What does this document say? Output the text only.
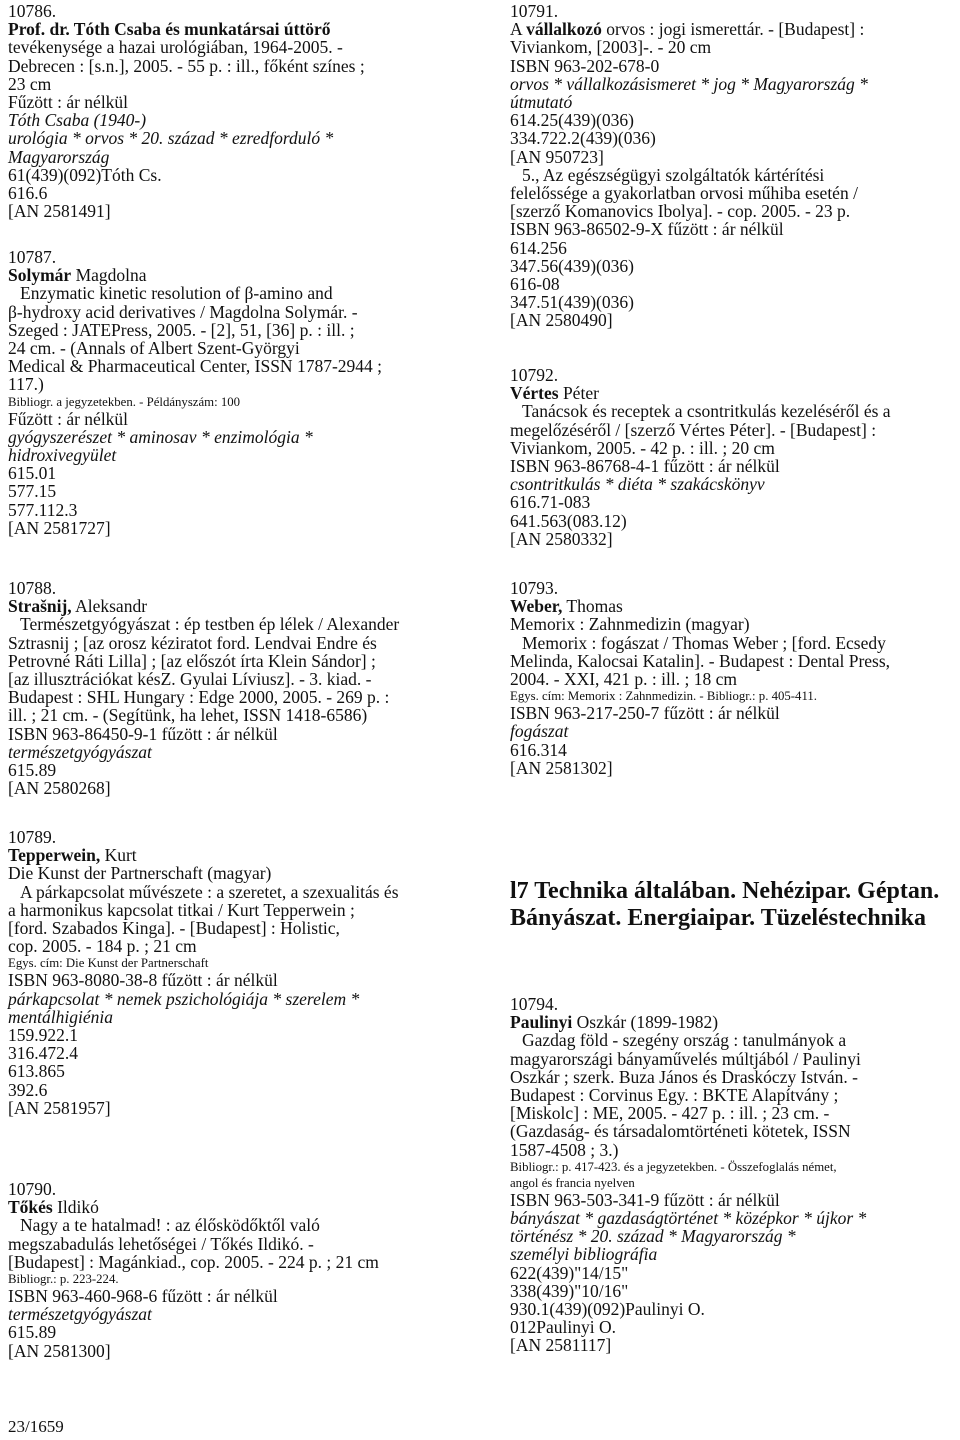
10786.
Prof. dr. Tóth Csaba és munkatársai úttörő
tevékenysége a hazai urológiában, 1964-2005. -
Debrecen : [s.n.], 2005. - 55 p. : ill., főként színes ;
23 cm
Fűzött : ár nélkül
Tóth Csaba (1940-)
urológia * orvos * 20. század * ezredforduló *
Magyarország
61(439)(092)Tóth Cs.
616.6
[AN 2581491]
10787.
Solymár Magdolna
Enzymatic kinetic resolution of β-amino and
β-hydroxy acid derivatives / Magdolna Solymár. -
Szeged : JATEPress, 2005. - [2], 51, [36] p. : ill. ;
24 cm. - (Annals of Albert Szent-Györgyi
Medical & Pharmaceutical Center, ISSN 1787-2944 ;
117.)
Bibliogr. a jegyzetekben. - Példányszám: 100
Fűzött : ár nélkül
gyógyszerészet * aminosav * enzimológia *
hidroxivegyület
615.01
577.15
577.112.3
[AN 2581727]
10788.
Strašnij, Aleksandr
Természetgyógyászat : ép testben ép lélek / Alexander
Sztrasnij ; [az orosz kéziratot ford. Lendvai Endre és
Petrovné Ráti Lilla] ; [az előszót írta Klein Sándor] ;
[az illusztrációkat késZ. Gyulai Líviusz]. - 3. kiad. -
Budapest : SHL Hungary : Edge 2000, 2005. - 269 p. :
ill. ; 21 cm. - (Segítünk, ha lehet, ISSN 1418-6586)
ISBN 963-86450-9-1 fűzött : ár nélkül
természetgyógyászat
615.89
[AN 2580268]
10789.
Tepperwein, Kurt
Die Kunst der Partnerschaft (magyar)
A párkapcsolat művészete : a szeretet, a szexualitás és
a harmonikus kapcsolat titkai / Kurt Tepperwein ;
[ford. Szabados Kinga]. - [Budapest] : Holistic,
cop. 2005. - 184 p. ; 21 cm
Egys. cím: Die Kunst der Partnerschaft
ISBN 963-8080-38-8 fűzött : ár nélkül
párkapcsolat * nemek pszichológiája * szerelem *
mentálhigiénia
159.922.1
316.472.4
613.865
392.6
[AN 2581957]
10790.
Tőkés Ildikó
Nagy a te hatalmad! : az élősködőktől való
megszabadulás lehetőségei / Tőkés Ildikó. -
[Budapest] : Magánkiad., cop. 2005. - 224 p. ; 21 cm
Bibliogr.: p. 223-224.
ISBN 963-460-968-6 fűzött : ár nélkül
természetgyógyászat
615.89
[AN 2581300]
10791.
A vállalkozó orvos : jogi ismerettár. - [Budapest] :
Viviankom, [2003]-. - 20 cm
ISBN 963-202-678-0
orvos * vállalkozásismeret * jog * Magyarország *
útmutató
614.25(439)(036)
334.722.2(439)(036)
[AN 950723]
5., Az egészségügyi szolgáltatók kártérítési
felelőssége a gyakorlatban orvosi műhiba esetén /
[szerző Komanovics Ibolya]. - cop. 2005. - 23 p.
ISBN 963-86502-9-X fűzött : ár nélkül
614.256
347.56(439)(036)
616-08
347.51(439)(036)
[AN 2580490]
10792.
Vértes Péter
Tanácsok és receptek a csontritkulás kezeléséről és a
megelőzéséről / [szerző Vértes Péter]. - [Budapest] :
Viviankom, 2005. - 42 p. : ill. ; 20 cm
ISBN 963-86768-4-1 fűzött : ár nélkül
csontritkulás * diéta * szakácskönyv
616.71-083
641.563(083.12)
[AN 2580332]
10793.
Weber, Thomas
Memorix : Zahnmedizin (magyar)
Memorix : fogászat / Thomas Weber ; [ford. Ecsedy
Melinda, Kalocsai Katalin]. - Budapest : Dental Press,
2004. - XXI, 421 p. : ill. ; 18 cm
Egys. cím: Memorix : Zahnmedizin. - Bibliogr.: p. 405-411.
ISBN 963-217-250-7 fűzött : ár nélkül
fogászat
616.314
[AN 2581302]
l7 Technika általában. Nehézipar. Géptan.
Bányászat. Energiaipar. Tüzeléstechnika
10794.
Paulinyi Oszkár (1899-1982)
Gazdag föld - szegény ország : tanulmányok a
magyarországi bányaművelés múltjából / Paulinyi
Oszkár ; szerk. Buza János és Draskóczy István. -
Budapest : Corvinus Egy. : BKTE Alapítvány ;
[Miskolc] : ME, 2005. - 427 p. : ill. ; 23 cm. -
(Gazdaság- és társadalomtörténeti kötetek, ISSN
1587-4508 ; 3.)
Bibliogr.: p. 417-423. és a jegyzetekben. - Összefoglalás német,
angol és francia nyelven
ISBN 963-503-341-9 fűzött : ár nélkül
bányászat * gazdaságtörténet * középkor * újkor *
történész * 20. század * Magyarország *
személyi bibliográfia
622(439)"14/15"
338(439)"10/16"
930.1(439)(092)Paulinyi O.
012Paulinyi O.
[AN 2581117]
23/1659
